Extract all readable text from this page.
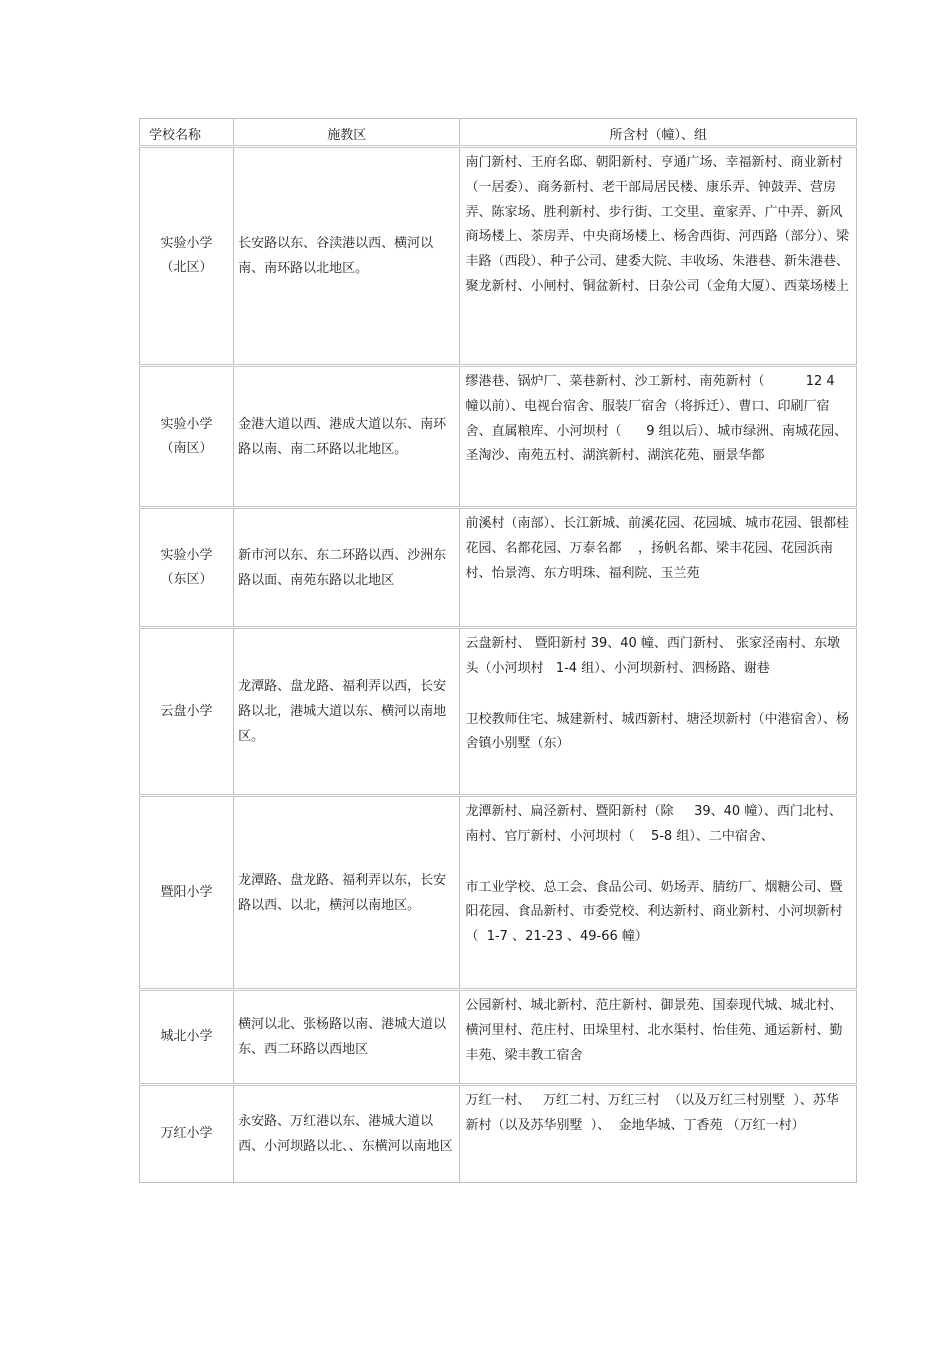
学校名称	施教区	所含村（幢）、组

实验小学
（北区）	长安路以东、谷渎港以西、横河以南、南环路以北地区。	南门新村、王府名邸、朝阳新村、亨通广场、幸福新村、商业新村（一居委）、商务新村、老干部局居民楼、康乐弄、钟鼓弄、营房弄、陈家场、胜利新村、步行街、工交里、童家弄、广中弄、新风商场楼上、茶房弄、中央商场楼上、杨舍西街、河西路（部分）、梁丰路（西段）、种子公司、建委大院、丰收场、朱港巷、新朱港巷、聚龙新村、小闸村、铜盆新村、日杂公司（金角大厦）、西菜场楼上

实验小学
（南区）	金港大道以西、港成大道以东、南环路以南、南二环路以北地区。	缪港巷、锅炉厂、菜巷新村、沙工新村、南苑新村（          12 4 幢以前）、电视台宿舍、服装厂宿舍（将拆迁）、曹口、印刷厂宿舍、直属粮库、小河坝村（      9 组以后）、城市绿洲、南城花园、圣淘沙、南苑五村、湖滨新村、湖滨花苑、丽景华都

实验小学
（东区）	新市河以东、东二环路以西、沙洲东路以面、南苑东路以北地区	前溪村（南部）、长江新城、前溪花园、花园城、城市花园、银都桂花园、名都花园、万泰名都    ，扬帆名都、梁丰花园、花园浜南村、怡景湾、东方明珠、福利院、玉兰苑

云盘小学	龙潭路、盘龙路、福利弄以西，长安路以北，港城大道以东、横河以南地区。	云盘新村、 暨阳新村 39、40 幢、西门新村、 张家泾南村、东墩头（小河坝村   1-4 组）、小河坝新村、泗杨路、谢巷

卫校教师住宅、城建新村、城西新村、塘泾坝新村（中港宿舍）、杨舍镇小别墅（东）

暨阳小学	龙潭路、盘龙路、福利弄以东，长安路以西、以北，横河以南地区。	龙潭新村、扁泾新村、暨阳新村（除     39、40 幢）、西门北村、南村、官厅新村、小河坝村（    5-8 组）、二中宿舍、

市工业学校、总工会、食品公司、奶场弄、腈纺厂、烟糖公司、暨阳花园、食品新村、市委党校、利达新村、商业新村、小河坝新村（  1-7 、21-23 、49-66 幢）

城北小学	横河以北、张杨路以南、港城大道以东、西二环路以西地区	公园新村、城北新村、范庄新村、御景苑、国泰现代城、城北村、横河里村、范庄村、田垛里村、北水渠村、怡佳苑、通运新村、勤丰苑、梁丰教工宿舍

万红小学	永安路、万红港以东、港城大道以西、小河坝路以北、、东横河以南地区	万红一村、   万红二村、万红三村  （以及万红三村别墅  ）、苏华新村（以及苏华别墅  ）、  金地华城、丁香苑 （万红一村）
